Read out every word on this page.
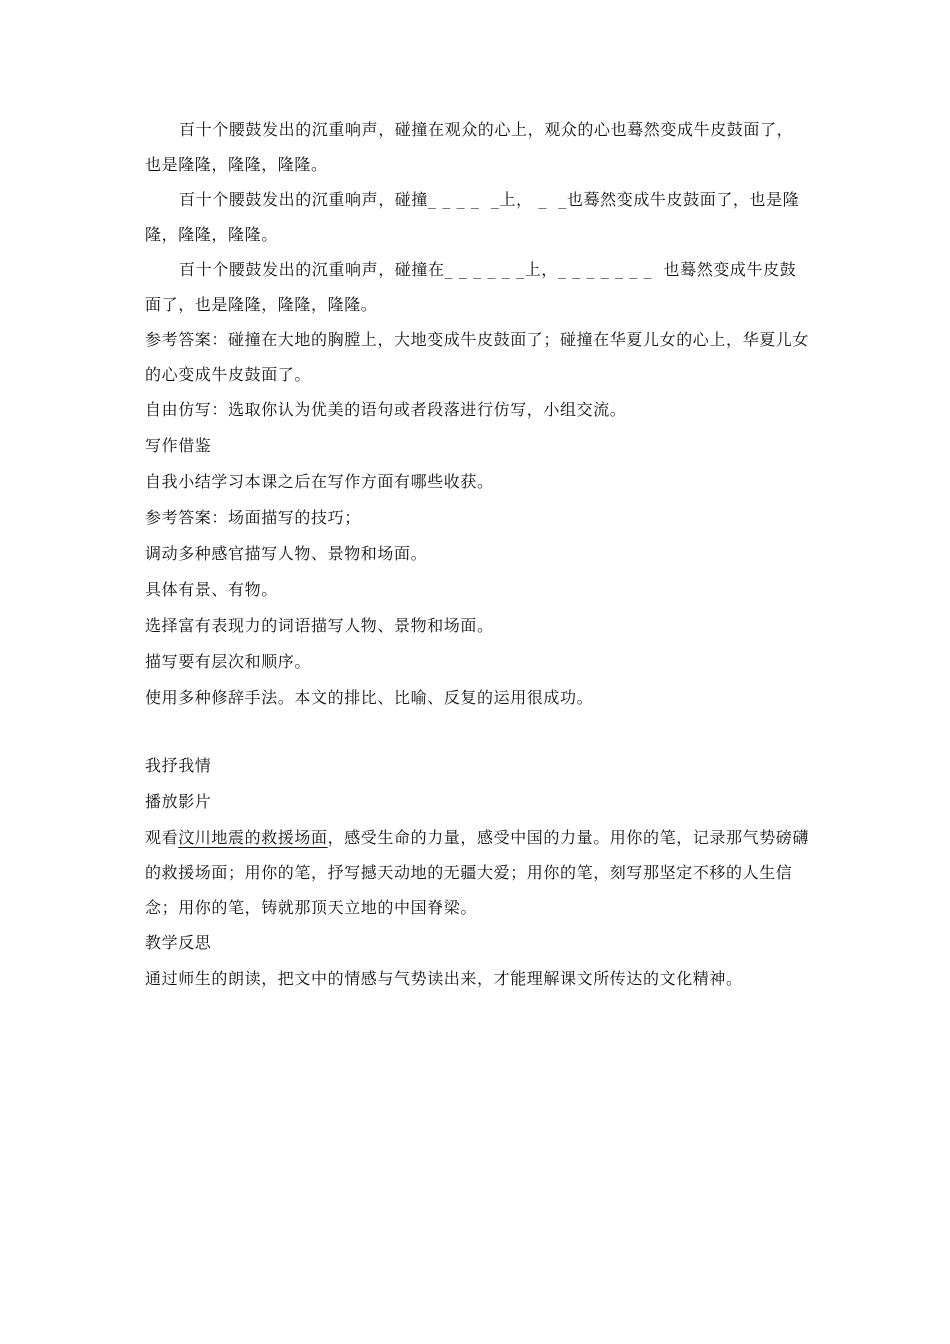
百十个腰鼓发出的沉重响声，碰撞在观众的心上，观众的心也蓦然变成牛皮鼓面了，也是隆隆，隆隆，隆隆。

百十个腰鼓发出的沉重响声，碰撞_ _ _ _  _上， _  _也蓦然变成牛皮鼓面了，也是隆隆，隆隆，隆隆。

百十个腰鼓发出的沉重响声，碰撞在_ _ _ _ _ _上，_ _ _ _ _ _ _  也蓦然变成牛皮鼓面了，也是隆隆，隆隆，隆隆。

参考答案：碰撞在大地的胸膛上，大地变成牛皮鼓面了；碰撞在华夏儿女的心上，华夏儿女的心变成牛皮鼓面了。

自由仿写：选取你认为优美的语句或者段落进行仿写，小组交流。

写作借鉴

自我小结学习本课之后在写作方面有哪些收获。

参考答案：场面描写的技巧；

调动多种感官描写人物、景物和场面。

具体有景、有物。

选择富有表现力的词语描写人物、景物和场面。

描写要有层次和顺序。

使用多种修辞手法。本文的排比、比喻、反复的运用很成功。

我抒我情

播放影片

观看汶川地震的救援场面，感受生命的力量，感受中国的力量。用你的笔，记录那气势磅礴的救援场面；用你的笔，抒写撼天动地的无疆大爱；用你的笔，刻写那坚定不移的人生信念；用你的笔，铸就那顶天立地的中国脊梁。

教学反思

通过师生的朗读，把文中的情感与气势读出来，才能理解课文所传达的文化精神。
